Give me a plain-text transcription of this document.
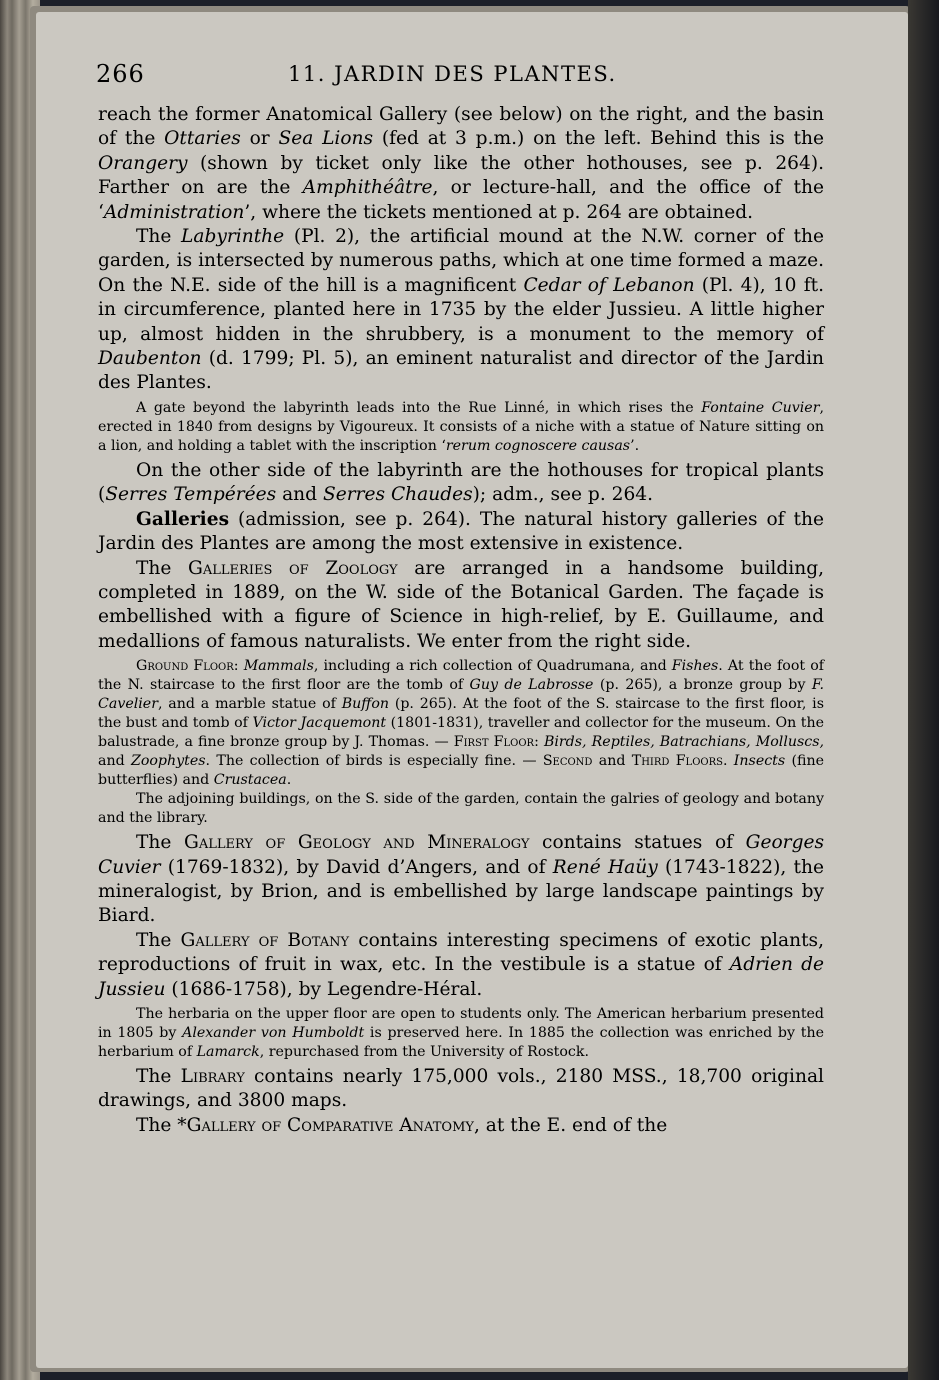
266	11. JARDIN DES PLANTES.

reach the former Anatomical Gallery (see below) on the right, and the basin of the Ottaries or Sea Lions (fed at 3 p.m.) on the left. Behind this is the Orangery (shown by ticket only like the other hothouses, see p. 264). Farther on are the Amphithéâtre, or lecture-hall, and the office of the ‘Administration’, where the tickets mentioned at p. 264 are obtained.

The Labyrinthe (Pl. 2), the artificial mound at the N.W. corner of the garden, is intersected by numerous paths, which at one time formed a maze. On the N.E. side of the hill is a magnificent Cedar of Lebanon (Pl. 4), 10 ft. in circumference, planted here in 1735 by the elder Jussieu. A little higher up, almost hidden in the shrubbery, is a monument to the memory of Daubenton (d. 1799; Pl. 5), an eminent naturalist and director of the Jardin des Plantes.

A gate beyond the labyrinth leads into the Rue Linné, in which rises the Fontaine Cuvier, erected in 1840 from designs by Vigoureux. It consists of a niche with a statue of Nature sitting on a lion, and holding a tablet with the inscription ‘rerum cognoscere causas’.

On the other side of the labyrinth are the hothouses for tropical plants (Serres Tempérées and Serres Chaudes); adm., see p. 264.

Galleries (admission, see p. 264). The natural history galleries of the Jardin des Plantes are among the most extensive in existence.

The Galleries of Zoology are arranged in a handsome building, completed in 1889, on the W. side of the Botanical Garden. The façade is embellished with a figure of Science in high-relief, by E. Guillaume, and medallions of famous naturalists. We enter from the right side.

Ground Floor: Mammals, including a rich collection of Quadrumana, and Fishes. At the foot of the N. staircase to the first floor are the tomb of Guy de Labrosse (p. 265), a bronze group by F. Cavelier, and a marble statue of Buffon (p. 265). At the foot of the S. staircase to the first floor, is the bust and tomb of Victor Jacquemont (1801-1831), traveller and collector for the museum. On the balustrade, a fine bronze group by J. Thomas. — First Floor: Birds, Reptiles, Batrachians, Molluscs, and Zoophytes. The collection of birds is especially fine. — Second and Third Floors. Insects (fine butterflies) and Crustacea.

The adjoining buildings, on the S. side of the garden, contain the galries of geology and botany and the library.

The Gallery of Geology and Mineralogy contains statues of Georges Cuvier (1769-1832), by David d’Angers, and of René Haüy (1743-1822), the mineralogist, by Brion, and is embellished by large landscape paintings by Biard.

The Gallery of Botany contains interesting specimens of exotic plants, reproductions of fruit in wax, etc. In the vestibule is a statue of Adrien de Jussieu (1686-1758), by Legendre-Héral.

The herbaria on the upper floor are open to students only. The American herbarium presented in 1805 by Alexander von Humboldt is preserved here. In 1885 the collection was enriched by the herbarium of Lamarck, repurchased from the University of Rostock.

The Library contains nearly 175,000 vols., 2180 MSS., 18,700 original drawings, and 3800 maps.

The *Gallery of Comparative Anatomy, at the E. end of the
